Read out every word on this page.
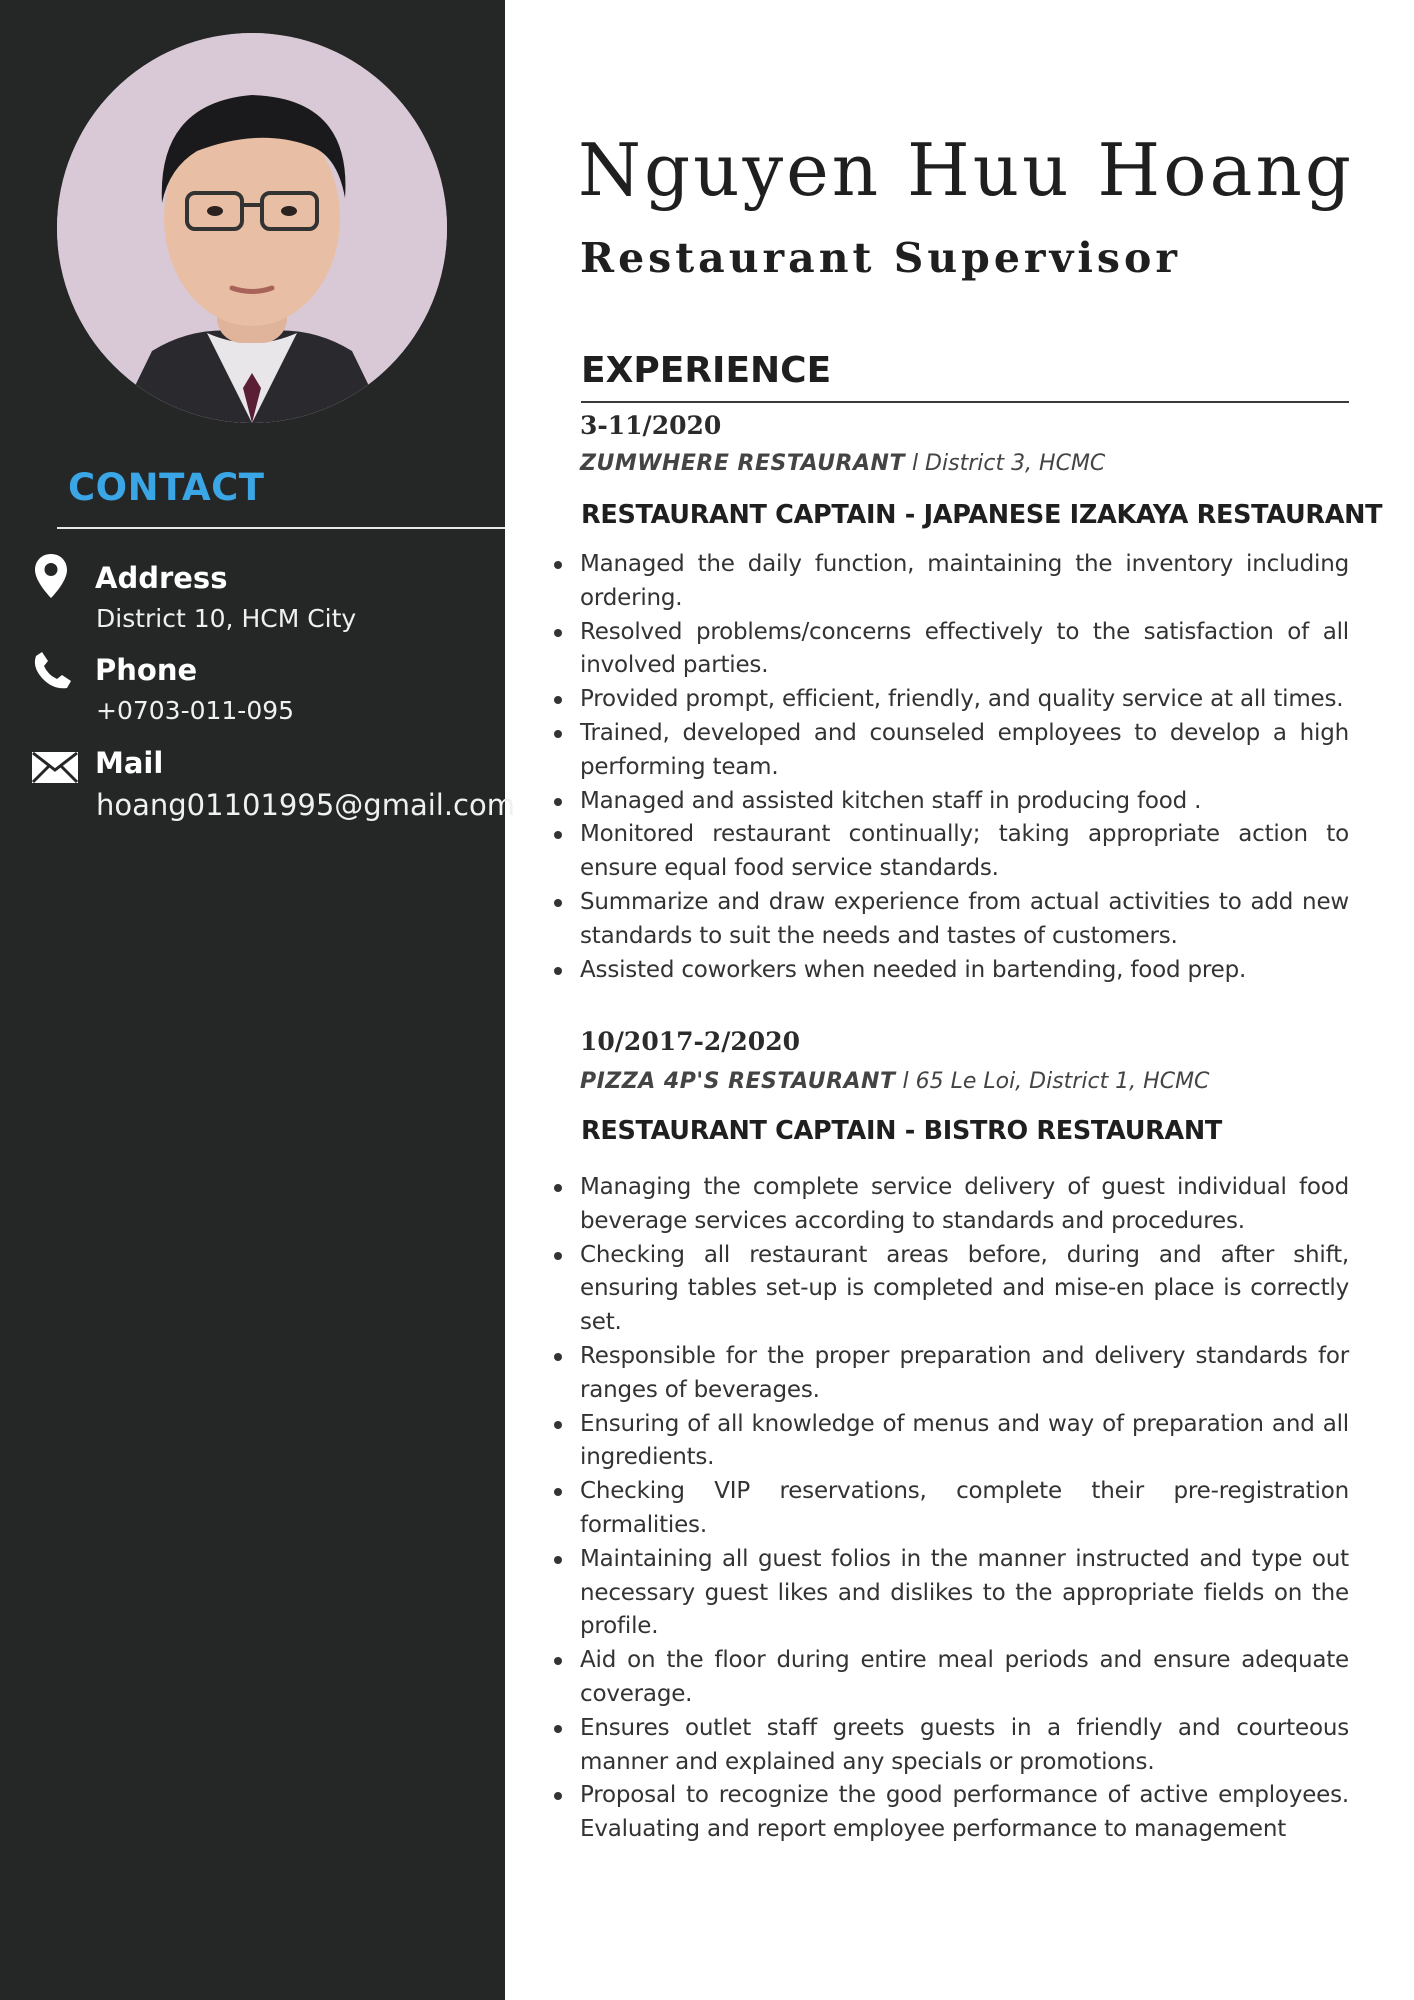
CONTACT
Address
District 10, HCM City
Phone
+0703-011-095
Mail
hoang01101995@gmail.com
Nguyen Huu Hoang
Restaurant Supervisor
EXPERIENCE
3-11/2020
ZUMWHERE RESTAURANT l District 3, HCMC
RESTAURANT CAPTAIN - JAPANESE IZAKAYA RESTAURANT
Managed the daily function, maintaining the inventory including ordering.
Resolved problems/concerns effectively to the satisfaction of all involved parties.
Provided prompt, efficient, friendly, and quality service at all times.
Trained, developed and counseled employees to develop a high performing team.
Managed and assisted kitchen staff in producing food .
Monitored restaurant continually; taking appropriate action to ensure equal food service standards.
Summarize and draw experience from actual activities to add new standards to suit the needs and tastes of customers.
Assisted coworkers when needed in bartending, food prep.
10/2017-2/2020
PIZZA 4P'S RESTAURANT l 65 Le Loi, District 1, HCMC
RESTAURANT CAPTAIN - BISTRO RESTAURANT
Managing the complete service delivery of guest individual food beverage services according to standards and procedures.
Checking all restaurant areas before, during and after shift, ensuring tables set-up is completed and mise-en place is correctly set.
Responsible for the proper preparation and delivery standards for ranges of beverages.
Ensuring of all knowledge of menus and way of preparation and all ingredients.
Checking VIP reservations, complete their pre-registration formalities.
Maintaining all guest folios in the manner instructed and type out necessary guest likes and dislikes to the appropriate fields on the profile.
Aid on the floor during entire meal periods and ensure adequate coverage.
Ensures outlet staff greets guests in a friendly and courteous manner and explained any specials or promotions.
Proposal to recognize the good performance of active employees. Evaluating and report employee performance to management
